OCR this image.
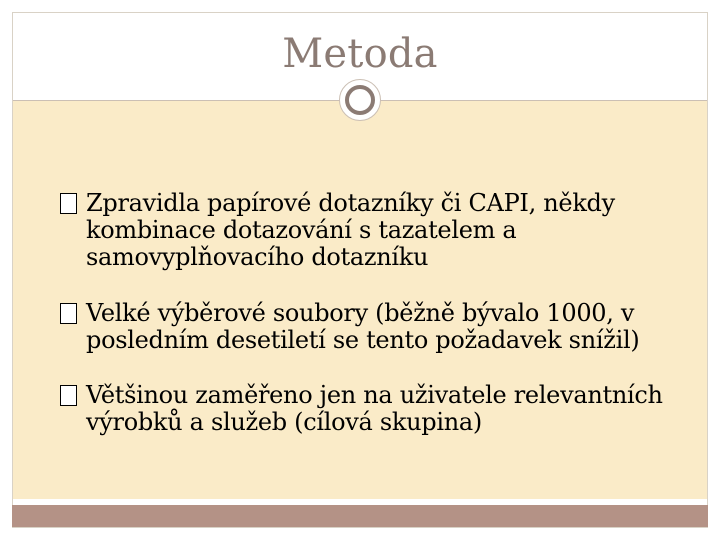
Metoda
Zpravidla papírové dotazníky či CAPI, někdy kombinace dotazování s tazatelem a samovyplňovacího dotazníku
Velké výběrové soubory (běžně bývalo 1000, v posledním desetiletí se tento požadavek snížil)
Většinou zaměřeno jen na uživatele relevantních výrobků a služeb (cílová skupina)
